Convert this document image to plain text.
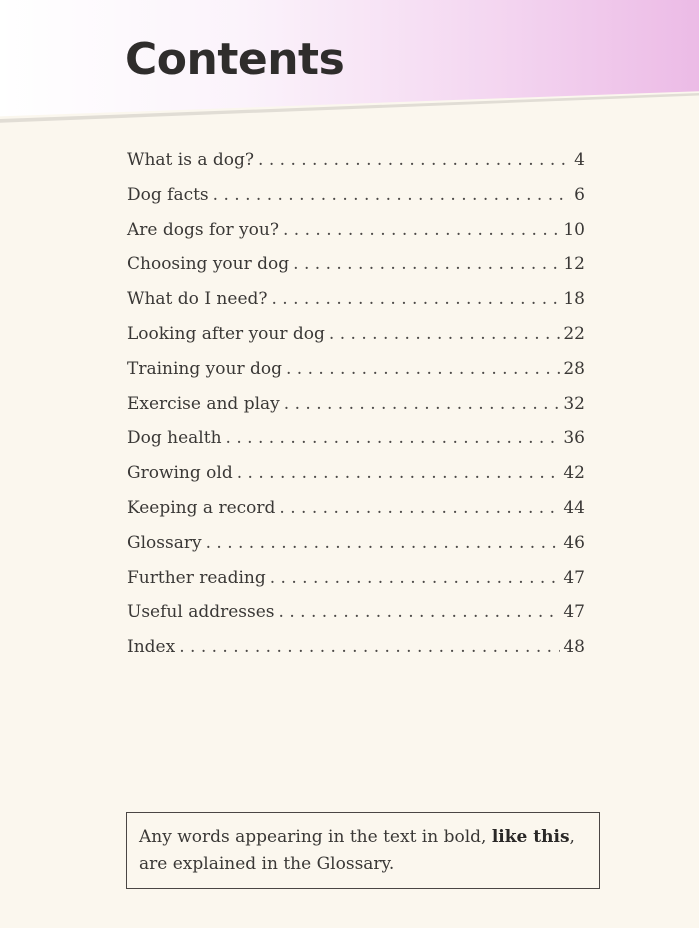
Contents
What is a dog? . . .	4
Dog facts . . .	6
Are dogs for you? . . .	10
Choosing your dog . . .	12
What do I need? . . .	18
Looking after your dog . . .	22
Training your dog . . .	28
Exercise and play . . .	32
Dog health . . .	36
Growing old . . .	42
Keeping a record . . .	44
Glossary . . .	46
Further reading . . .	47
Useful addresses . . .	47
Index . . .	48
Any words appearing in the text in bold, like this,
are explained in the Glossary.
